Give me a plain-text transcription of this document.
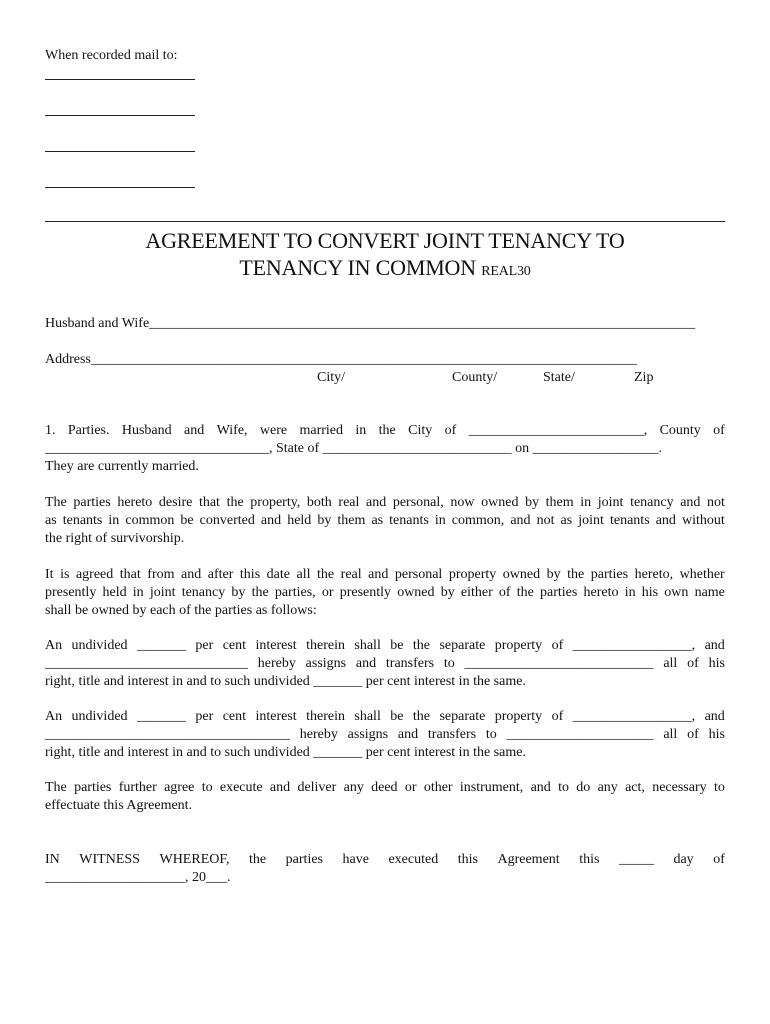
When recorded mail to:
AGREEMENT TO CONVERT JOINT TENANCY TO
TENANCY IN COMMON REAL30
Husband and Wife ______________________________________________________________________________
Address ______________________________________________________________________________
City/	County/	State/	Zip
1. Parties. Husband and Wife, were married in the City of _________________________, County of
________________________________, State of ___________________________ on __________________.
They are currently married.
The parties hereto desire that the property, both real and personal, now owned by them in joint tenancy and not
as tenants in common be converted and held by them as tenants in common, and not as joint tenants and without
the right of survivorship.
It is agreed that from and after this date all the real and personal property owned by the parties hereto, whether
presently held in joint tenancy by the parties, or presently owned by either of the parties hereto in his own name
shall be owned by each of the parties as follows:
An undivided _______ per cent interest therein shall be the separate property of _________________, and
_____________________________ hereby assigns and transfers to ___________________________ all of his
right, title and interest in and to such undivided _______ per cent interest in the same.
An undivided _______ per cent interest therein shall be the separate property of _________________, and
___________________________________ hereby assigns and transfers to _____________________ all of his
right, title and interest in and to such undivided _______ per cent interest in the same.
The parties further agree to execute and deliver any deed or other instrument, and to do any act, necessary to
effectuate this Agreement.
IN WITNESS WHEREOF, the parties have executed this Agreement this _____ day of
____________________, 20___.
